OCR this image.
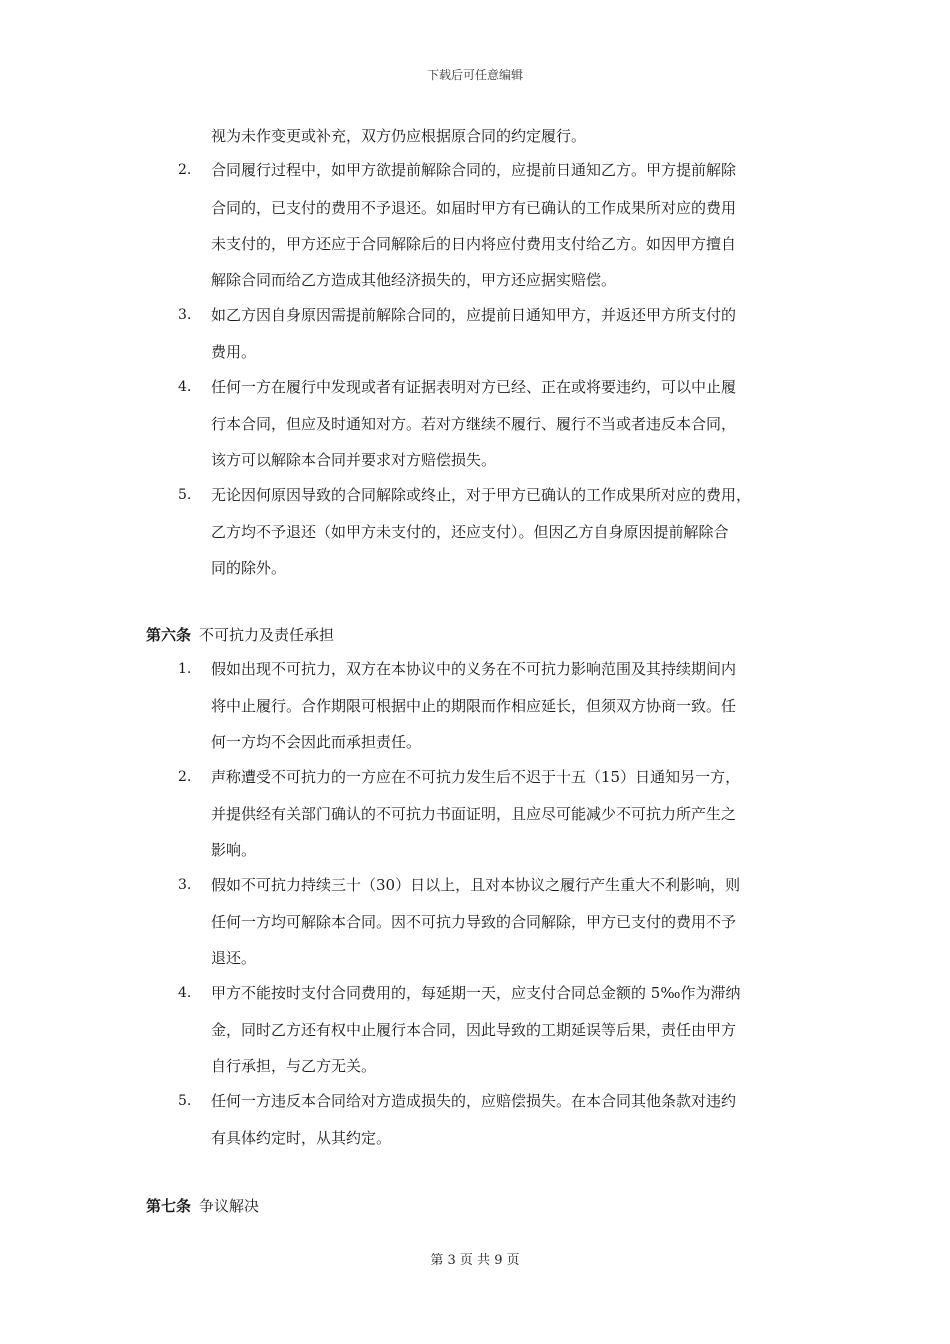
下载后可任意编辑
视为未作变更或补充，双方仍应根据原合同的约定履行。
2. 合同履行过程中，如甲方欲提前解除合同的，应提前日通知乙方。甲方提前解除
合同的，已支付的费用不予退还。如届时甲方有已确认的工作成果所对应的费用
未支付的，甲方还应于合同解除后的日内将应付费用支付给乙方。如因甲方擅自
解除合同而给乙方造成其他经济损失的，甲方还应据实赔偿。
3. 如乙方因自身原因需提前解除合同的，应提前日通知甲方，并返还甲方所支付的
费用。
4. 任何一方在履行中发现或者有证据表明对方已经、正在或将要违约，可以中止履
行本合同，但应及时通知对方。若对方继续不履行、履行不当或者违反本合同，
该方可以解除本合同并要求对方赔偿损失。
5. 无论因何原因导致的合同解除或终止，对于甲方已确认的工作成果所对应的费用，
乙方均不予退还（如甲方未支付的，还应支付）。但因乙方自身原因提前解除合
同的除外。
第六条 不可抗力及责任承担
1. 假如出现不可抗力，双方在本协议中的义务在不可抗力影响范围及其持续期间内
将中止履行。合作期限可根据中止的期限而作相应延长，但须双方协商一致。任
何一方均不会因此而承担责任。
2. 声称遭受不可抗力的一方应在不可抗力发生后不迟于十五（15）日通知另一方，
并提供经有关部门确认的不可抗力书面证明，且应尽可能减少不可抗力所产生之
影响。
3. 假如不可抗力持续三十（30）日以上，且对本协议之履行产生重大不利影响，则
任何一方均可解除本合同。因不可抗力导致的合同解除，甲方已支付的费用不予
退还。
4. 甲方不能按时支付合同费用的，每延期一天，应支付合同总金额的 5‰作为滞纳
金，同时乙方还有权中止履行本合同，因此导致的工期延误等后果，责任由甲方
自行承担，与乙方无关。
5. 任何一方违反本合同给对方造成损失的，应赔偿损失。在本合同其他条款对违约
有具体约定时，从其约定。
第七条 争议解决
第 3 页 共 9 页
